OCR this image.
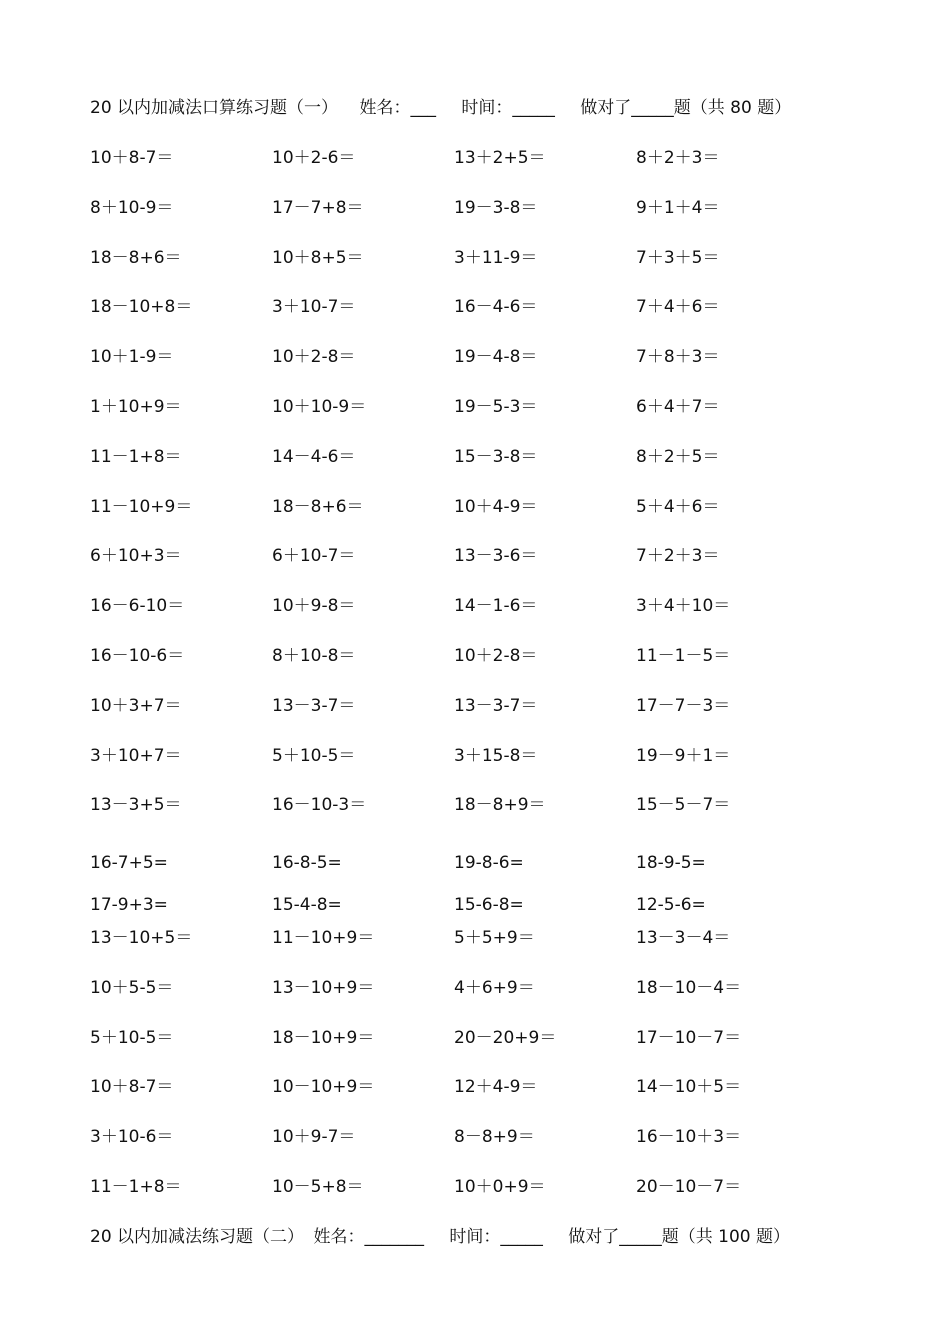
20 以内加减法口算练习题（一） 姓名：___ 时间：_____ 做对了_____题（共 80 题）
10＋8-7＝	10＋2-6＝	13＋2+5＝	8＋2＋3＝
8＋10-9＝	17－7+8＝	19－3-8＝	9＋1＋4＝
18－8+6＝	10＋8+5＝	3＋11-9＝	7＋3＋5＝
18－10+8＝	3＋10-7＝	16－4-6＝	7＋4＋6＝
10＋1-9＝	10＋2-8＝	19－4-8＝	7＋8＋3＝
1＋10+9＝	10＋10-9＝	19－5-3＝	6＋4＋7＝
11－1+8＝	14－4-6＝	15－3-8＝	8＋2＋5＝
11－10+9＝	18－8+6＝	10＋4-9＝	5＋4＋6＝
6＋10+3＝	6＋10-7＝	13－3-6＝	7＋2＋3＝
16－6-10＝	10＋9-8＝	14－1-6＝	3＋4＋10＝
16－10-6＝	8＋10-8＝	10＋2-8＝	11－1－5＝
10＋3+7＝	13－3-7＝	13－3-7＝	17－7－3＝
3＋10+7＝	5＋10-5＝	3＋15-8＝	19－9＋1＝
13－3+5＝	16－10-3＝	18－8+9＝	15－5－7＝
16-7+5=	16-8-5=	19-8-6=	18-9-5=
17-9+3=	15-4-8=	15-6-8=	12-5-6=
13－10+5＝	11－10+9＝	5＋5+9＝	13－3－4＝
10＋5-5＝	13－10+9＝	4＋6+9＝	18－10－4＝
5＋10-5＝	18－10+9＝	20－20+9＝	17－10－7＝
10＋8-7＝	10－10+9＝	12＋4-9＝	14－10＋5＝
3＋10-6＝	10＋9-7＝	8－8+9＝	16－10＋3＝
11－1+8＝	10－5+8＝	10＋0+9＝	20－10－7＝
20 以内加减法练习题（二） 姓名：_______ 时间：_____ 做对了_____题（共 100 题）
